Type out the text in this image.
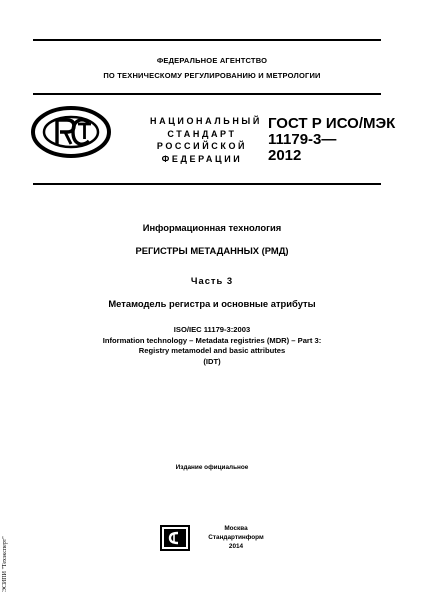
ФЕДЕРАЛЬНОЕ АГЕНТСТВО
ПО ТЕХНИЧЕСКОМУ РЕГУЛИРОВАНИЮ И МЕТРОЛОГИИ
НАЦИОНАЛЬНЫЙ
СТАНДАРТ
РОССИЙСКОЙ
ФЕДЕРАЦИИ
ГОСТ Р ИСО/МЭК
11179-3—
2012
Информационная технология
РЕГИСТРЫ МЕТАДАННЫХ (РМД)
Часть 3
Метамодель регистра и основные атрибуты
ISO/IEC 11179-3:2003
Information technology – Metadata registries (MDR) – Part 3:
Registry metamodel and basic attributes
(IDT)
Издание официальное
Москва
Стандартинформ
2014
ЭСИПИ "Техэксперт"
